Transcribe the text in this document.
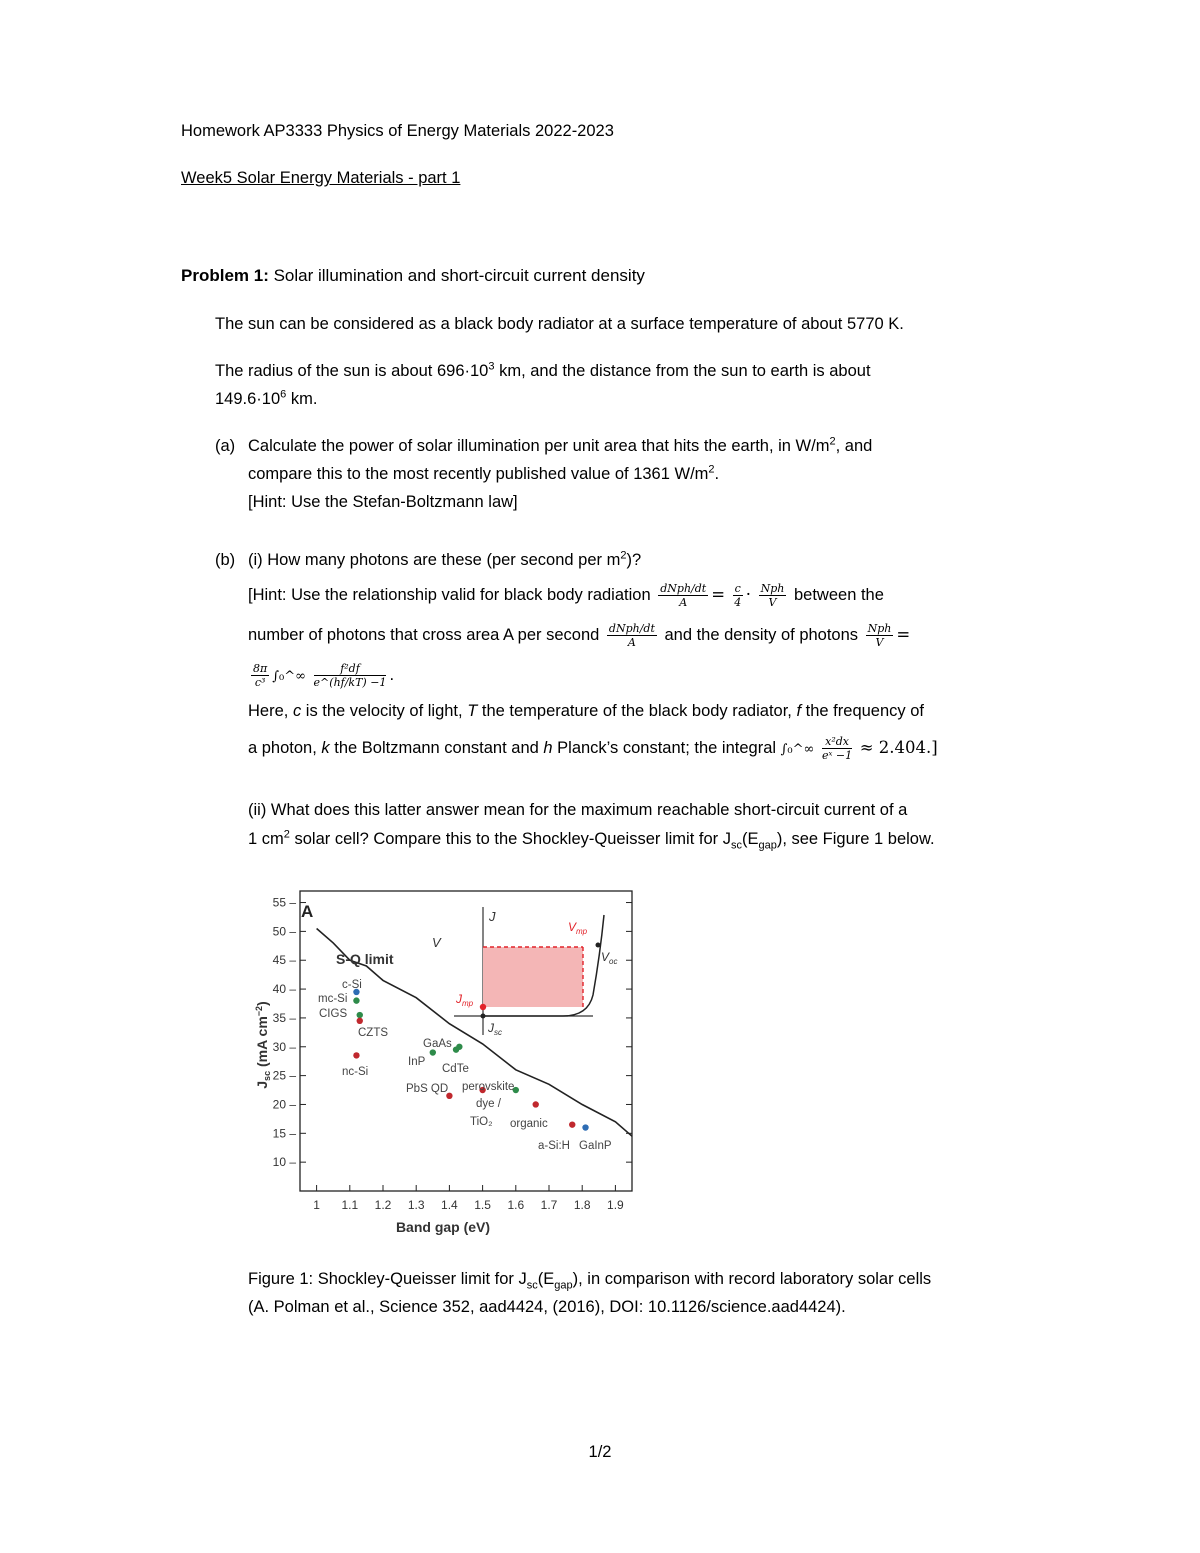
Homework AP3333 Physics of Energy Materials 2022-2023
Week5 Solar Energy Materials - part 1
Problem 1: Solar illumination and short-circuit current density
The sun can be considered as a black body radiator at a surface temperature of about 5770 K.
The radius of the sun is about $696\cdot 10^3$ km, and the distance from the sun to earth is about
$149.6\cdot 10^6$ km.
(a) Calculate the power of solar illumination per unit area that hits the earth, in $W/m^2$, and
compare this to the most recently published value of 1361 $W/m^2$.
[Hint: Use the Stefan-Boltzmann law]
(b) (i) How many photons are these (per second per $m^2$)?
[Hint: Use the relationship valid for black body radiation $\frac{\text{dNph/dt}}{A} = \frac{c}{4} \cdot \frac{\text{Nph}}{V}$ between the
number of photons that cross area A per second $\frac{\text{dNph/dt}}{A}$ and the density of photons $\frac{\text{Nph}}{V}$ =
$\frac{8\pi}{\text{c³}}$ ∫₀^∞ $\frac{\text{f²df}}{e\^{}(hf/kT) -1}$ .
Here, c is the velocity of light, T the temperature of the black body radiator, f the frequency of
a photon, k the Boltzmann constant and h Planck’s constant; the integral ∫₀^∞ $\frac{\text{x²dx}}{\text{eˣ −1}} \approx 2.404$.]
(ii) What does this latter answer mean for the maximum reachable short-circuit current of a
1 $cm^2$ solar cell? Compare this to the Shockley-Queisser limit for $J_{sc}(E_{gap})$, see Figure 1 below.
1 1.1 1.2 1.3 1.4 1.5 1.6 1.7 1.8 1.9
10 –
15 –
20 –
25 –
30 –
35 –
40 –
45 –
50 –
55 – A
S-Q limit
c-Si
mc-Si
CIGS
CZTS
nc-Si
GaAs
InP
CdTe
perovskite
PbS QD
dye /
TiO₂ organic
a-Si:H GaInP
J
V
$V_{mp}$
$V_{oc}$
$J_{mp}$
$J_{sc}$
Band gap (eV)
$J_{sc}$ (mA $cm^{-2}$)
Figure 1: Shockley-Queisser limit for $J_{sc}(E_{gap})$, in comparison with record laboratory solar cells
(A. Polman et al., Science 352, aad4424, (2016), DOI: 10.1126/science.aad4424).
1/2
